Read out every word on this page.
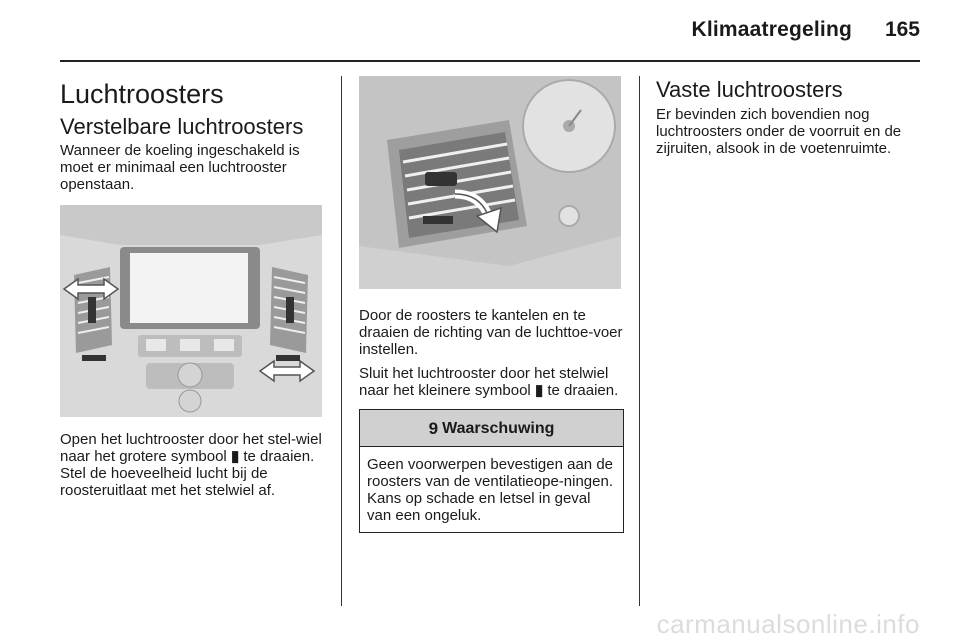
Klimaatregeling 165
Luchtroosters
Verstelbare luchtroosters

Wanneer de koeling ingeschakeld is moet er minimaal een luchtrooster openstaan.

Open het luchtrooster door het stel-wiel naar het grotere symbool ▮ te draaien. Stel de hoeveelheid lucht bij de roosteruitlaat met het stelwiel af.

Door de roosters te kantelen en te draaien de richting van de luchttoe-voer instellen.

Sluit het luchtrooster door het stelwiel naar het kleinere symbool ▮ te draaien.

9 Waarschuwing
Geen voorwerpen bevestigen aan de roosters van de ventilatieope-ningen. Kans op schade en letsel in geval van een ongeluk.
Vaste luchtroosters

Er bevinden zich bovendien nog luchtroosters onder de voorruit en de zijruiten, alsook in de voetenruimte.

carmanualsonline.info
